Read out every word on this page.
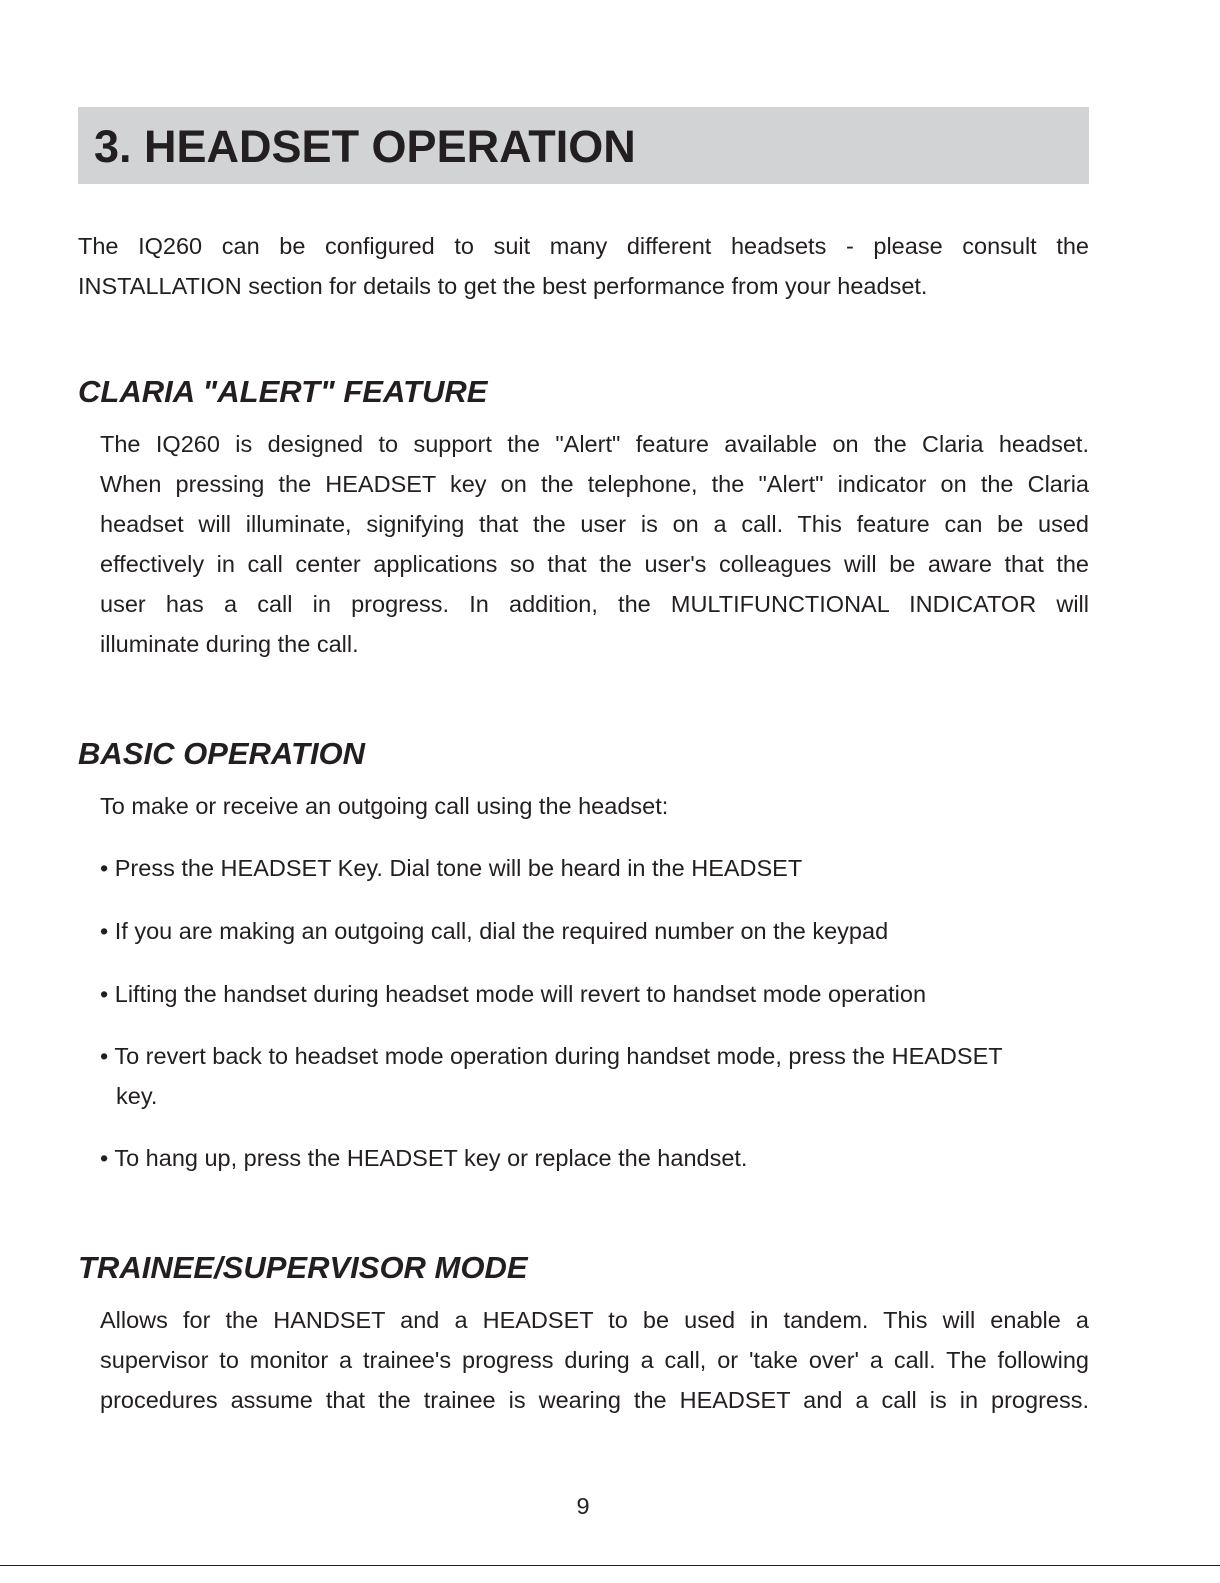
3. HEADSET OPERATION
The IQ260 can be configured to suit many different headsets - please consult the
INSTALLATION section for details to get the best performance from your headset.
CLARIA "ALERT" FEATURE
The IQ260 is designed to support the "Alert" feature available on the Claria headset.
When pressing the HEADSET key on the telephone, the "Alert" indicator on the Claria
headset will illuminate, signifying that the user is on a call. This feature can be used
effectively in call center applications so that the user's colleagues will be aware that the
user has a call in progress. In addition, the MULTIFUNCTIONAL INDICATOR will
illuminate during the call.
BASIC OPERATION
To make or receive an outgoing call using the headset:
• Press the HEADSET Key. Dial tone will be heard in the HEADSET
• If you are making an outgoing call, dial the required number on the keypad
• Lifting the handset during headset mode will revert to handset mode operation
• To revert back to headset mode operation during handset mode, press the HEADSET
key.
• To hang up, press the HEADSET key or replace the handset.
TRAINEE/SUPERVISOR MODE
Allows for the HANDSET and a HEADSET to be used in tandem. This will enable a
supervisor to monitor a trainee's progress during a call, or 'take over' a call. The following
procedures assume that the trainee is wearing the HEADSET and a call is in progress.
9
